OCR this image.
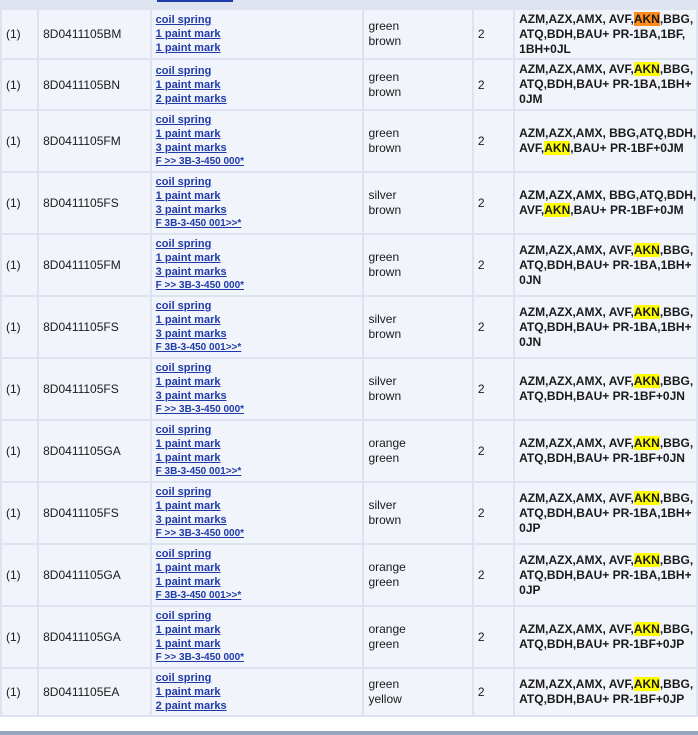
(1)	8D0411105BM	coil spring
1 paint mark
1 paint mark	green
brown	2	AZM,AZX,AMX, AVF,AKN,BBG,
ATQ,BDH,BAU+ PR-1BA,1BF,
1BH+0JL

(1)	8D0411105BN	coil spring
1 paint mark
2 paint marks	green
brown	2	AZM,AZX,AMX, AVF,AKN,BBG,
ATQ,BDH,BAU+ PR-1BA,1BH+
0JM

(1)	8D0411105FM	coil spring
1 paint mark
3 paint marks
F >> 3B-3-450 000*	green
brown	2	AZM,AZX,AMX, BBG,ATQ,BDH,
AVF,AKN,BAU+ PR-1BF+0JM

(1)	8D0411105FS	coil spring
1 paint mark
3 paint marks
F 3B-3-450 001>>*	silver
brown	2	AZM,AZX,AMX, BBG,ATQ,BDH,
AVF,AKN,BAU+ PR-1BF+0JM

(1)	8D0411105FM	coil spring
1 paint mark
3 paint marks
F >> 3B-3-450 000*	green
brown	2	AZM,AZX,AMX, AVF,AKN,BBG,
ATQ,BDH,BAU+ PR-1BA,1BH+
0JN

(1)	8D0411105FS	coil spring
1 paint mark
3 paint marks
F 3B-3-450 001>>*	silver
brown	2	AZM,AZX,AMX, AVF,AKN,BBG,
ATQ,BDH,BAU+ PR-1BA,1BH+
0JN

(1)	8D0411105FS	coil spring
1 paint mark
3 paint marks
F >> 3B-3-450 000*	silver
brown	2	AZM,AZX,AMX, AVF,AKN,BBG,
ATQ,BDH,BAU+ PR-1BF+0JN

(1)	8D0411105GA	coil spring
1 paint mark
1 paint mark
F 3B-3-450 001>>*	orange
green	2	AZM,AZX,AMX, AVF,AKN,BBG,
ATQ,BDH,BAU+ PR-1BF+0JN

(1)	8D0411105FS	coil spring
1 paint mark
3 paint marks
F >> 3B-3-450 000*	silver
brown	2	AZM,AZX,AMX, AVF,AKN,BBG,
ATQ,BDH,BAU+ PR-1BA,1BH+
0JP

(1)	8D0411105GA	coil spring
1 paint mark
1 paint mark
F 3B-3-450 001>>*	orange
green	2	AZM,AZX,AMX, AVF,AKN,BBG,
ATQ,BDH,BAU+ PR-1BA,1BH+
0JP

(1)	8D0411105GA	coil spring
1 paint mark
1 paint mark
F >> 3B-3-450 000*	orange
green	2	AZM,AZX,AMX, AVF,AKN,BBG,
ATQ,BDH,BAU+ PR-1BF+0JP

(1)	8D0411105EA	coil spring
1 paint mark
2 paint marks	green
yellow	2	AZM,AZX,AMX, AVF,AKN,BBG,
ATQ,BDH,BAU+ PR-1BF+0JP
